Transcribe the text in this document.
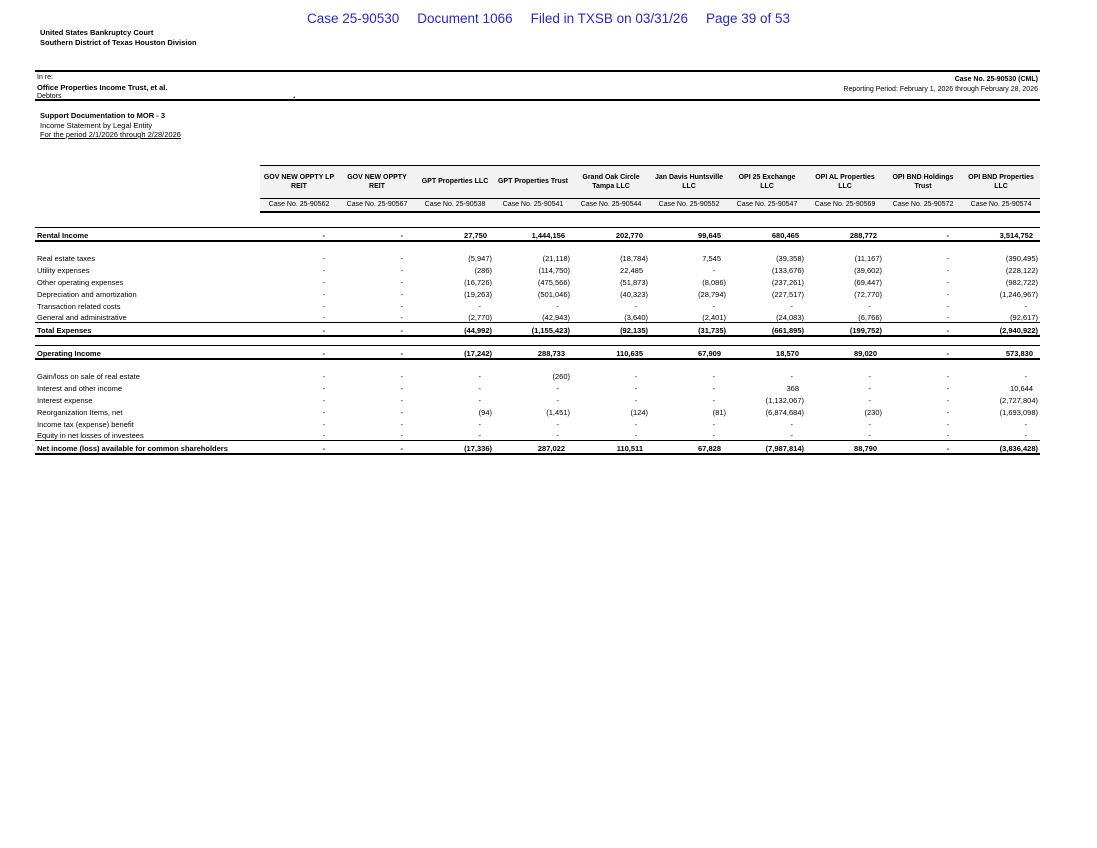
Case 25-90530 Document 1066 Filed in TXSB on 03/31/26 Page 39 of 53
United States Bankruptcy Court
Southern District of Texas Houston Division
In re:
Office Properties Income Trust, et al.
Debtors	.
Case No. 25-90530 (CML)
Reporting Period: February 1, 2026 through February 28, 2026
Support Documentation to MOR - 3
Income Statement by Legal Entity
For the period 2/1/2026 through 2/28/2026
	GOV NEW OPPTY LP REIT	GOV NEW OPPTY REIT	GPT Properties LLC	GPT Properties Trust	Grand Oak Circle Tampa LLC	Jan Davis Huntsville LLC	OPI 25 Exchange LLC	OPI AL Properties LLC	OPI BND Holdings Trust	OPI BND Properties LLC
	Case No. 25-90562	Case No. 25-90567	Case No. 25-90538	Case No. 25-90541	Case No. 25-90544	Case No. 25-90552	Case No. 25-90547	Case No. 25-90569	Case No. 25-90572	Case No. 25-90574

Rental Income	-	-	27,750	1,444,156	202,770	99,645	680,465	288,772	-	3,514,752

Real estate taxes	-	-	(5,947)	(21,118)	(18,784)	7,545	(39,358)	(11,167)	-	(390,495)
Utility expenses	-	-	(286)	(114,750)	22,485	-	(133,676)	(39,602)	-	(228,122)
Other operating expenses	-	-	(16,726)	(475,566)	(51,873)	(8,086)	(237,261)	(69,447)	-	(982,722)
Depreciation and amortization	-	-	(19,263)	(501,046)	(40,323)	(28,794)	(227,517)	(72,770)	-	(1,246,967)
Transaction related costs	-	-	-	-	-	-	-	-	-	-
General and administrative	-	-	(2,770)	(42,943)	(3,640)	(2,401)	(24,083)	(6,766)	-	(92,617)
Total Expenses	-	-	(44,992)	(1,155,423)	(92,135)	(31,735)	(661,895)	(199,752)	-	(2,940,922)

Operating Income	-	-	(17,242)	288,733	110,635	67,909	18,570	89,020	-	573,830

Gain/loss on sale of real estate	-	-	-	(260)	-	-	-	-	-	-
Interest and other income	-	-	-	-	-	-	368	-	-	10,644
Interest expense	-	-	-	-	-	-	(1,132,067)	-	-	(2,727,804)
Reorganization Items, net	-	-	(94)	(1,451)	(124)	(81)	(6,874,684)	(230)	-	(1,693,098)
Income tax (expense) benefit	-	-	-	-	-	-	-	-	-	-
Equity in net losses of investees	-	-	-	-	-	-	-	-	-	-
Net income (loss) available for common shareholders	-	-	(17,336)	287,022	110,511	67,828	(7,987,814)	88,790	-	(3,836,428)
